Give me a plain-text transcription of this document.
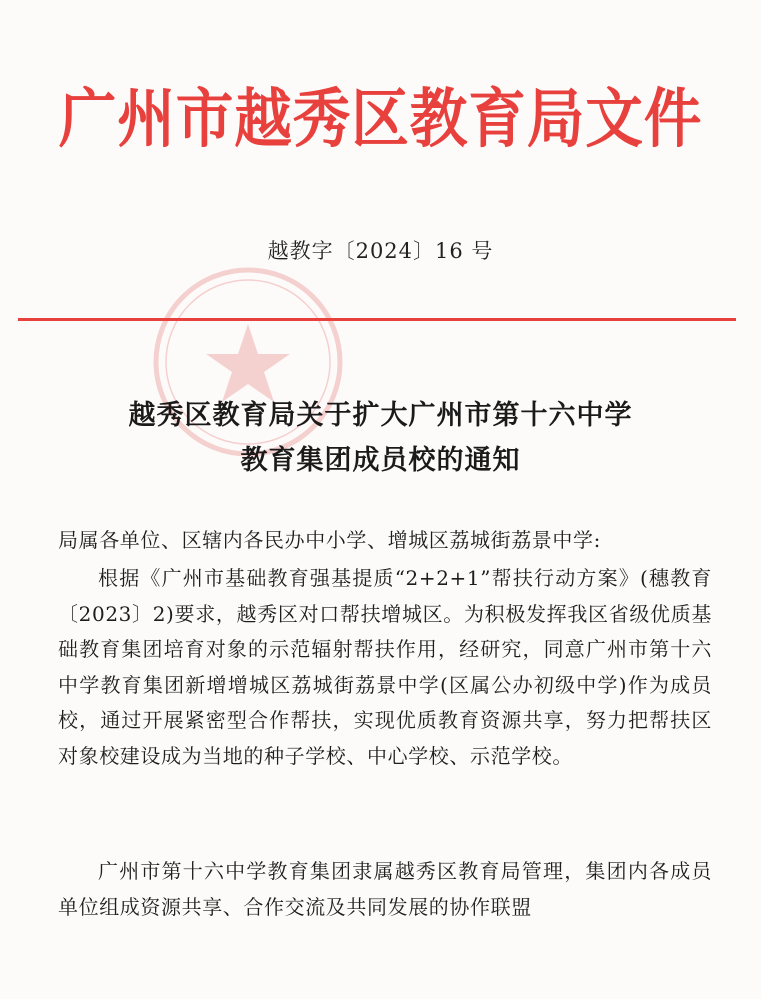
广州市越秀区教育局文件
越教字〔2024〕16 号
越秀区教育局关于扩大广州市第十六中学
教育集团成员校的通知
局属各单位、区辖内各民办中小学、增城区荔城街荔景中学:
根据《广州市基础教育强基提质“2+2+1”帮扶行动方案》(穗教育〔2023〕2)要求，越秀区对口帮扶增城区。为积极发挥我区省级优质基础教育集团培育对象的示范辐射帮扶作用，经研究，同意广州市第十六中学教育集团新增增城区荔城街荔景中学(区属公办初级中学)作为成员校，通过开展紧密型合作帮扶，实现优质教育资源共享，努力把帮扶区对象校建设成为当地的种子学校、中心学校、示范学校。
广州市第十六中学教育集团隶属越秀区教育局管理，集团内各成员单位组成资源共享、合作交流及共同发展的协作联盟
